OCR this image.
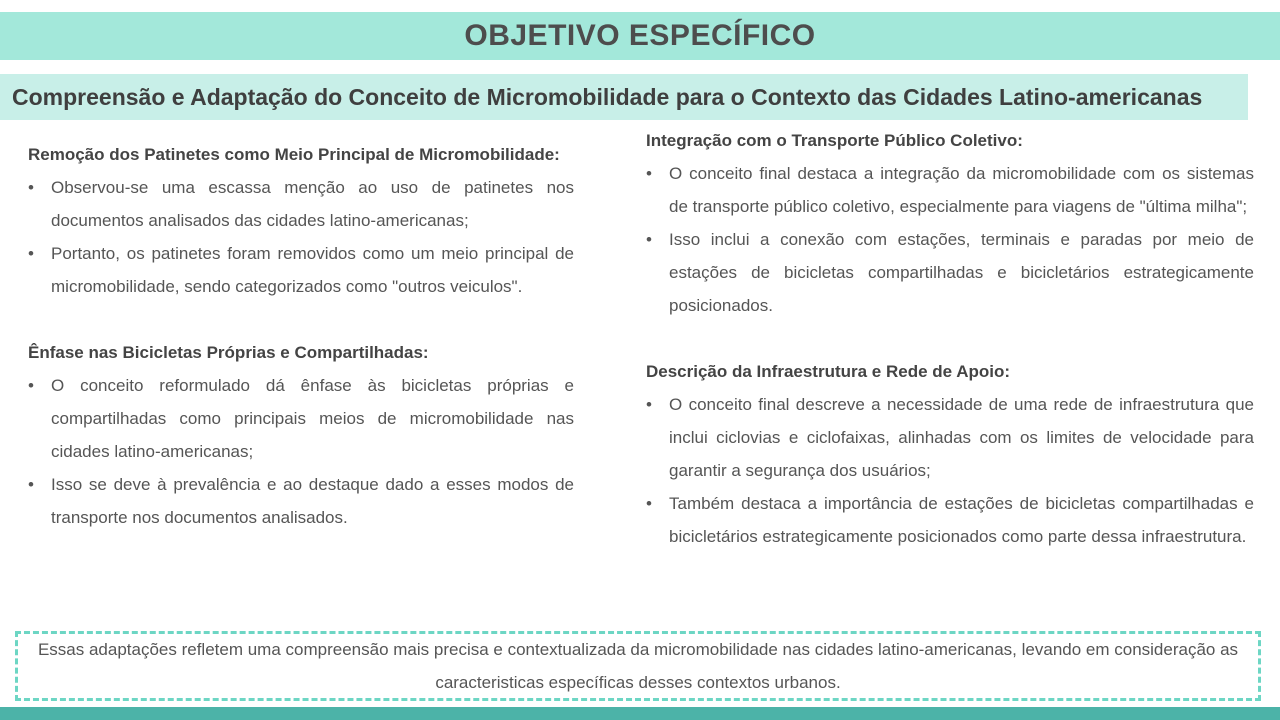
OBJETIVO ESPECÍFICO
Compreensão e Adaptação do Conceito de Micromobilidade para o Contexto das Cidades Latino-americanas
Remoção dos Patinetes como Meio Principal de Micromobilidade:
• Observou-se uma escassa menção ao uso de patinetes nos documentos analisados das cidades latino-americanas;
• Portanto, os patinetes foram removidos como um meio principal de micromobilidade, sendo categorizados como "outros veiculos".
Ênfase nas Bicicletas Próprias e Compartilhadas:
• O conceito reformulado dá ênfase às bicicletas próprias e compartilhadas como principais meios de micromobilidade nas cidades latino-americanas;
• Isso se deve à prevalência e ao destaque dado a esses modos de transporte nos documentos analisados.
Integração com o Transporte Público Coletivo:
• O conceito final destaca a integração da micromobilidade com os sistemas de transporte público coletivo, especialmente para viagens de "última milha";
• Isso inclui a conexão com estações, terminais e paradas por meio de estações de bicicletas compartilhadas e bicicletários estrategicamente posicionados.
Descrição da Infraestrutura e Rede de Apoio:
• O conceito final descreve a necessidade de uma rede de infraestrutura que inclui ciclovias e ciclofaixas, alinhadas com os limites de velocidade para garantir a segurança dos usuários;
• Também destaca a importância de estações de bicicletas compartilhadas e bicicletários estrategicamente posicionados como parte dessa infraestrutura.

Essas adaptações refletem uma compreensão mais precisa e contextualizada da micromobilidade nas cidades latino-americanas, levando em consideração as caracteristicas específicas desses contextos urbanos.
